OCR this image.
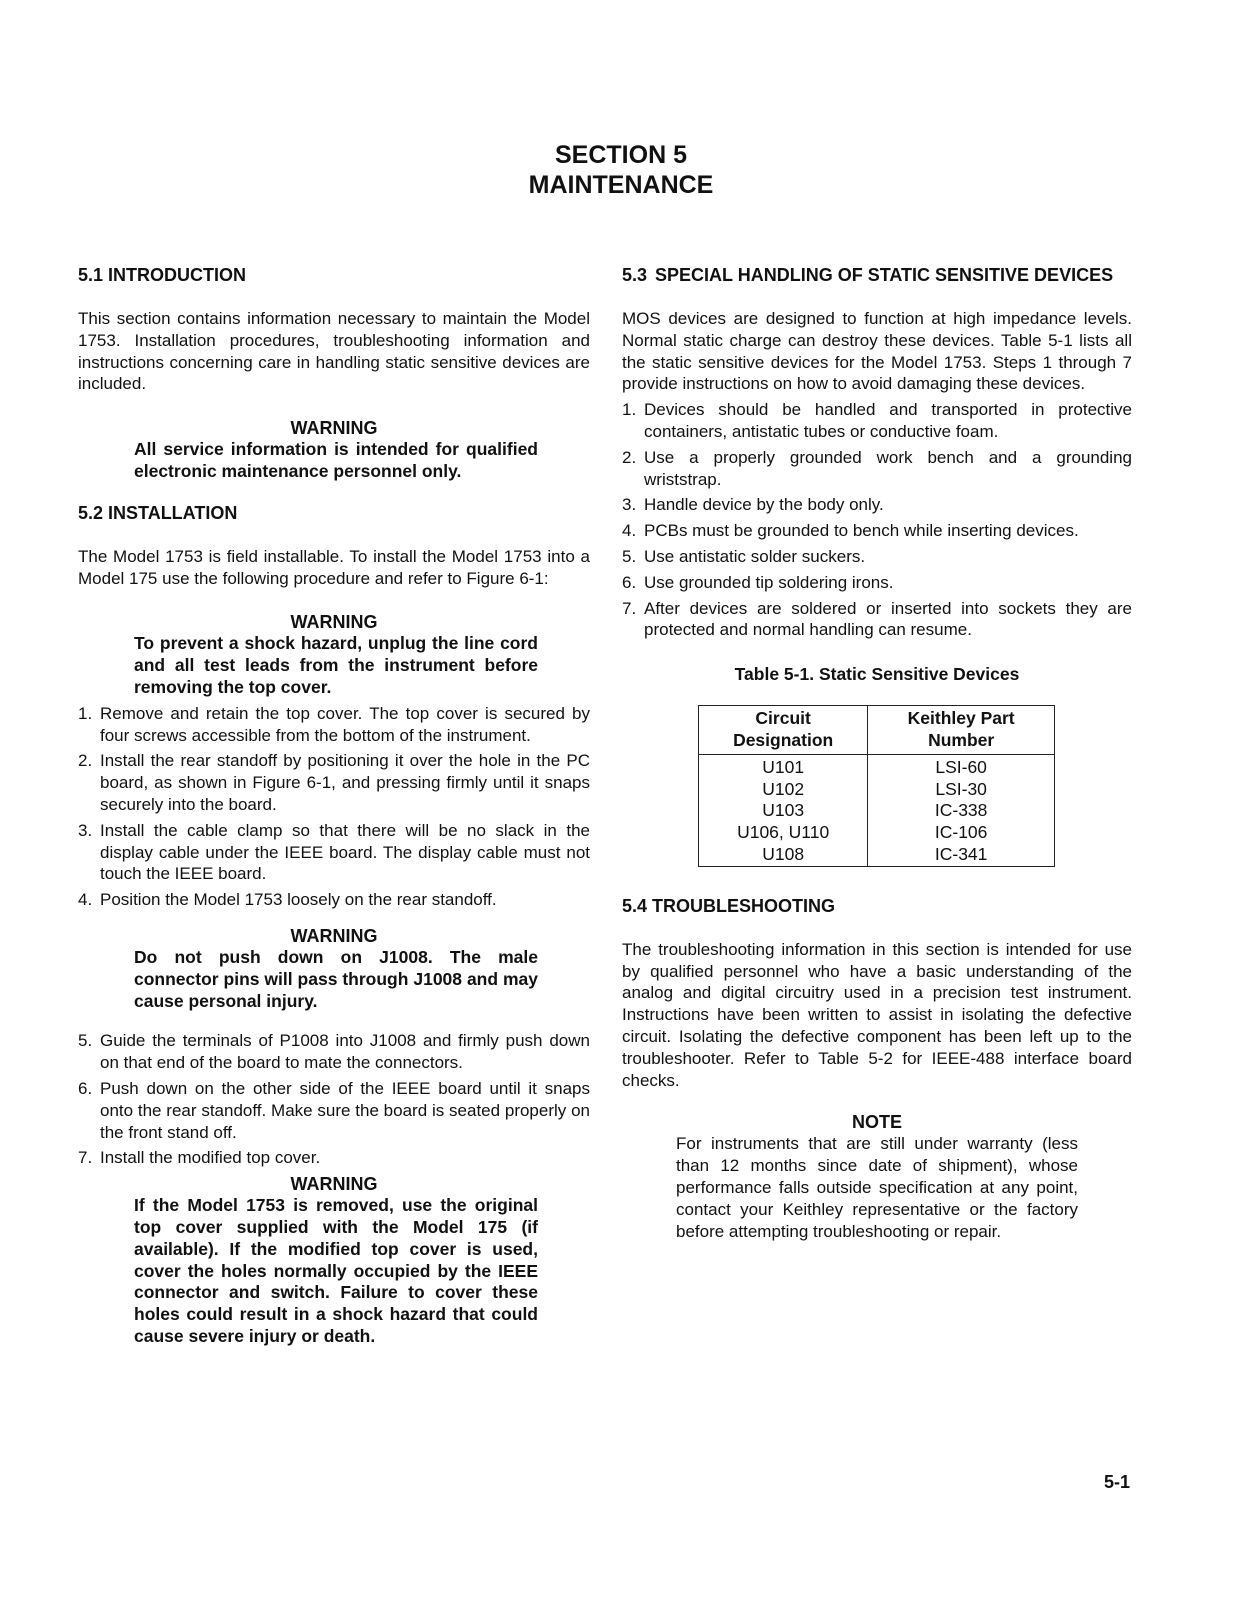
SECTION 5
MAINTENANCE
5.1 INTRODUCTION

This section contains information necessary to maintain the Model 1753. Installation procedures, troubleshooting information and instructions concerning care in handling static sensitive devices are included.

WARNING

All service information is intended for qualified electronic maintenance personnel only.

5.2 INSTALLATION

The Model 1753 is field installable. To install the Model 1753 into a Model 175 use the following procedure and refer to Figure 6-1:

WARNING

To prevent a shock hazard, unplug the line cord and all test leads from the instrument before removing the top cover.

1. Remove and retain the top cover. The top cover is secured by four screws accessible from the bottom of the instrument.
2. Install the rear standoff by positioning it over the hole in the PC board, as shown in Figure 6-1, and pressing firmly until it snaps securely into the board.
3. Install the cable clamp so that there will be no slack in the display cable under the IEEE board. The display cable must not touch the IEEE board.
4. Position the Model 1753 loosely on the rear standoff.

WARNING

Do not push down on J1008. The male connector pins will pass through J1008 and may cause personal injury.

5. Guide the terminals of P1008 into J1008 and firmly push down on that end of the board to mate the connectors.
6. Push down on the other side of the IEEE board until it snaps onto the rear standoff. Make sure the board is seated properly on the front stand off.
7. Install the modified top cover.

WARNING

If the Model 1753 is removed, use the original top cover supplied with the Model 175 (if available). If the modified top cover is used, cover the holes normally occupied by the IEEE connector and switch. Failure to cover these holes could result in a shock hazard that could cause severe injury or death.

5.3 SPECIAL HANDLING OF STATIC SENSITIVE DEVICES

MOS devices are designed to function at high impedance levels. Normal static charge can destroy these devices. Table 5-1 lists all the static sensitive devices for the Model 1753. Steps 1 through 7 provide instructions on how to avoid damaging these devices.

1. Devices should be handled and transported in protective containers, antistatic tubes or conductive foam.
2. Use a properly grounded work bench and a grounding wriststrap.
3. Handle device by the body only.
4. PCBs must be grounded to bench while inserting devices.
5. Use antistatic solder suckers.
6. Use grounded tip soldering irons.
7. After devices are soldered or inserted into sockets they are protected and normal handling can resume.

Table 5-1. Static Sensitive Devices

Circuit Designation	Keithley Part Number
U101	LSI-60
U102	LSI-30
U103	IC-338
U106, U110	IC-106
U108	IC-341
5.4 TROUBLESHOOTING

The troubleshooting information in this section is intended for use by qualified personnel who have a basic understanding of the analog and digital circuitry used in a precision test instrument. Instructions have been written to assist in isolating the defective circuit. Isolating the defective component has been left up to the troubleshooter. Refer to Table 5-2 for IEEE-488 interface board checks.

NOTE

For instruments that are still under warranty (less than 12 months since date of shipment), whose performance falls outside specification at any point, contact your Keithley representative or the factory before attempting troubleshooting or repair.

5-1
